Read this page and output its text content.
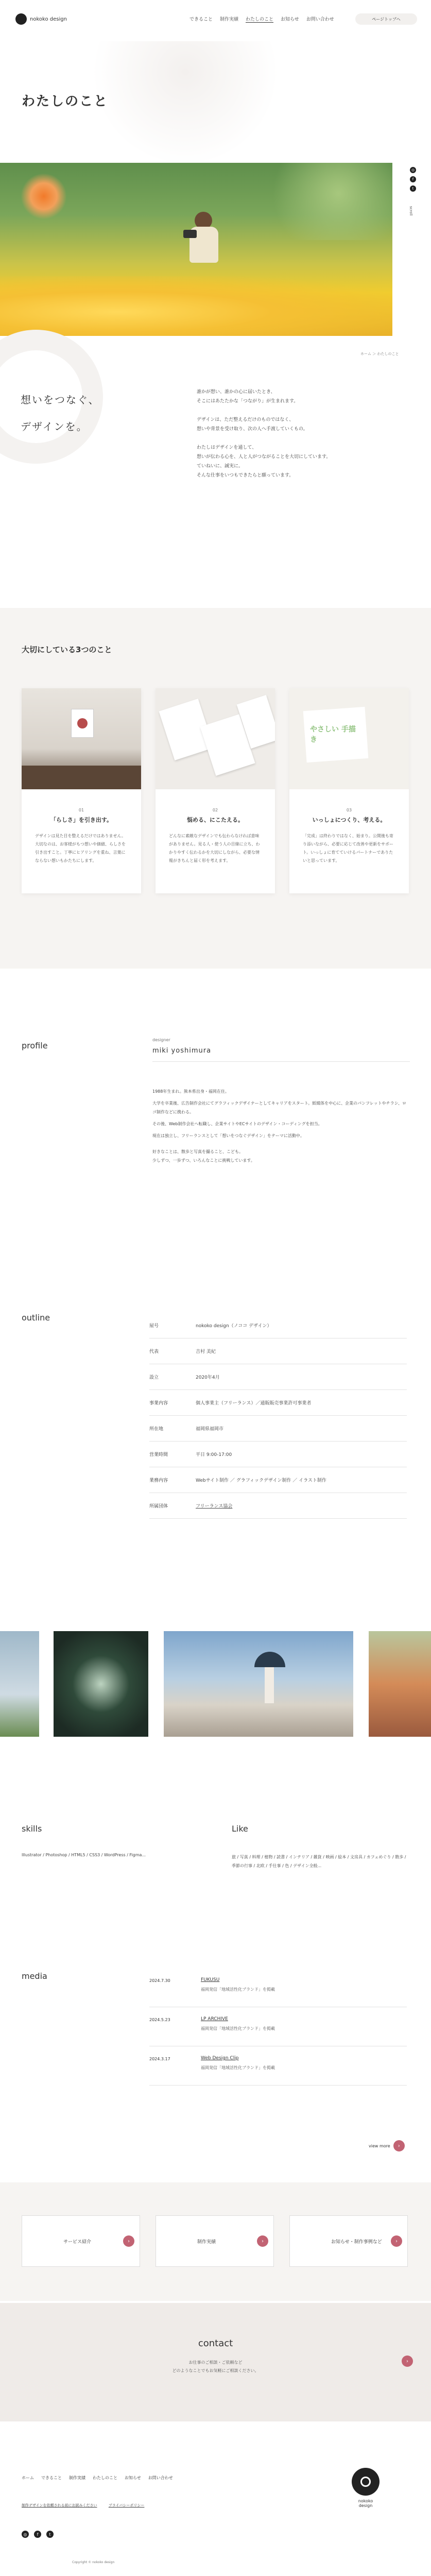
nokoko design	できること 制作実績 わたしのこと お知らせ お問い合わせ	ページトップへ
わたしのこと
◎
f
t
scroll
ホーム ＞ わたしのこと
想いをつなぐ、
デザインを。

誰かが想い、誰かの心に届いたとき、

そこにはあたたかな「つながり」が生まれます。

デザインは、ただ整えるだけのものではなく、

想いや背景を受け取り、次の人へ手渡していくもの。

わたしはデザインを通して、

想いが伝わる心を、人と人がつながることを大切にしています。

ていねいに、誠実に。

そんな仕事をいつもできたらと願っています。

大切にしている3つのこと
01
「らしさ」を引き出す。

デザインは見た目を整えるだけではありません。大切なのは、お客様がもつ想いや価値、らしさを引き出すこと。丁寧にヒアリングを重ね、言葉にならない想いもかたちにします。

02
悩める、にこたえる。

どんなに素敵なデザインでも伝わらなければ意味がありません。見る人・使う人の目線に立ち、わかりやすく伝わるかを大切にしながら、必要な情報がきちんと届く形を考えます。

やさしい 手描き
03
いっしょにつくり、考える。

「完成」は終わりではなく、始まり。公開後も寄り添いながら、必要に応じて改善や更新をサポート。いっしょに育てていけるパートナーでありたいと思っています。

profile
designer
miki yoshimura

1988年生まれ。熊本県出身・福岡在住。

大学を卒業後、広告制作会社にてグラフィックデザイナーとしてキャリアをスタート。紙媒体を中心に、企業のパンフレットやチラシ、ロゴ制作などに携わる。

その後、Web制作会社へ転職し、企業サイトやECサイトのデザイン・コーディングを担当。

現在は独立し、フリーランスとして「想いをつなぐデザイン」をテーマに活動中。

好きなことは、散歩と写真を撮ること、こども。

少しずつ、一歩ずつ、いろんなことに挑戦しています。

outline
屋号	nokoko design（ノココ デザイン）
代表	吉村 美紀
設立	2020年4月
事業内容	個人事業主（フリーランス）／通販販売事業許可事業者
所在地	福岡県福岡市
営業時間	平日 9:00-17:00
業務内容	Webサイト制作 ／ グラフィックデザイン制作 ／ イラスト制作
所属団体	フリーランス協会
skills

Illustrator / Photoshop / HTML5 / CSS3 / WordPress / Figma...

Like

旅 / 写真 / 料理 / 植物 / 読書 / インテリア / 雑貨 / 映画 / 絵本 / 文房具 / カフェめぐり / 散歩 / 季節の行事 / 北欧 / 手仕事 / 色 / デザイン全般...

media	2024.7.30	FUKUSU
福岡発信「地域活性化ブランド」を掲載
2024.5.23	LP ARCHIVE
福岡発信「地域活性化ブランド」を掲載
2024.3.17	Web Design Clip
福岡発信「地域活性化ブランド」を掲載
view more	›
サービス紹介	›	制作実績	›	お知らせ・制作事例など	›
contact
お仕事のご相談・ご依頼など
どのようなことでもお気軽にご相談ください。
›
ホーム できること 制作実績 わたしのこと お知らせ お問い合わせ
制作デザインを依頼される前にお読みください	プライバシーポリシー
◎	f	t
Copyright © nokoko design
nokoko
design
